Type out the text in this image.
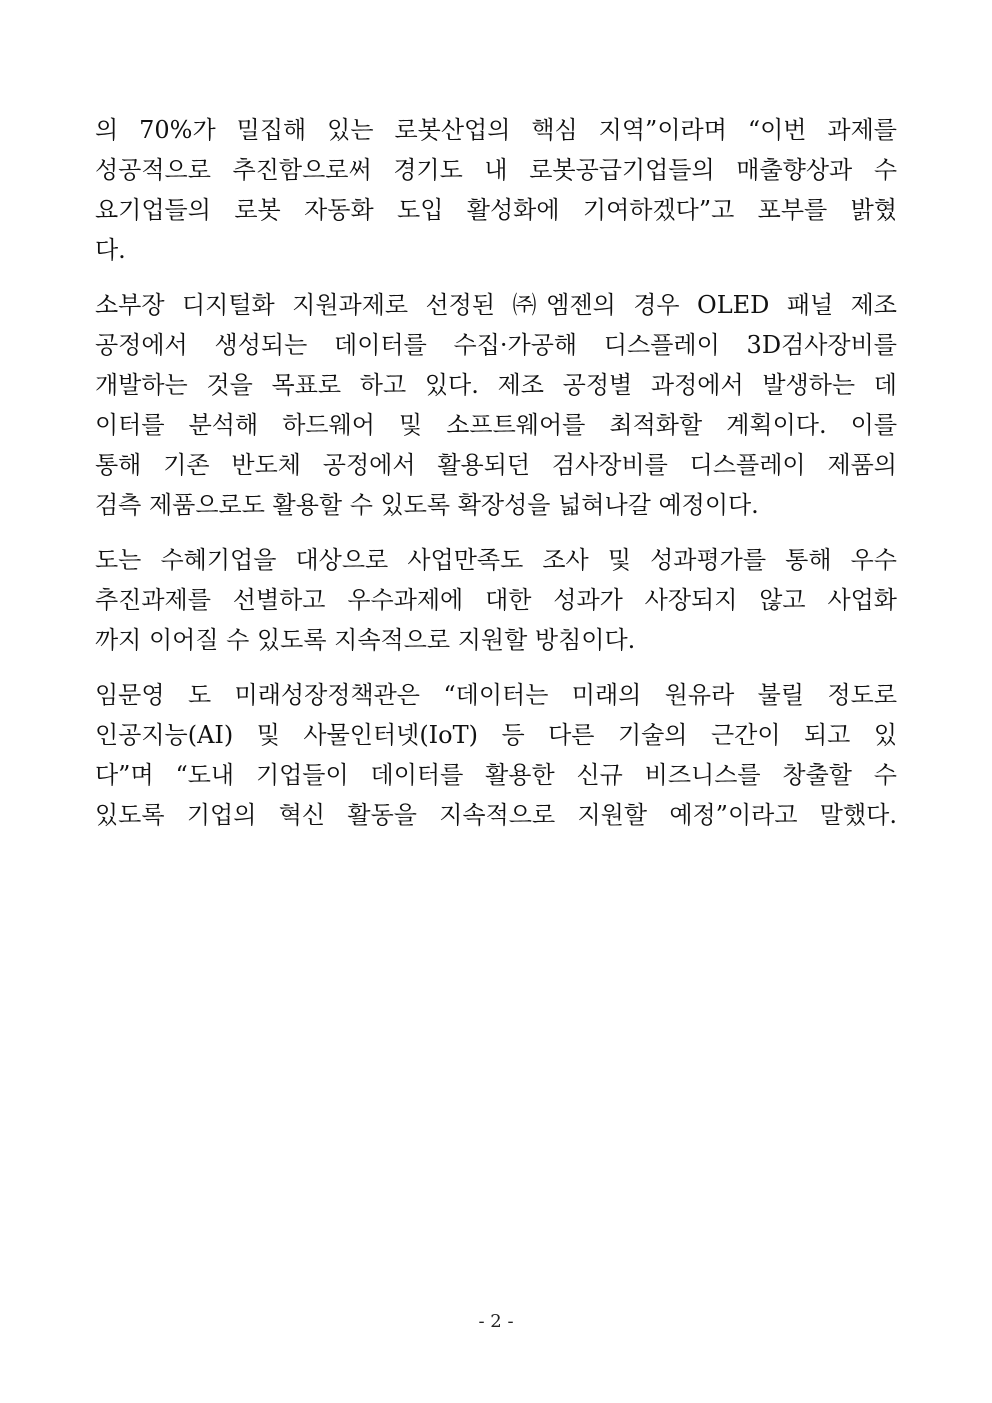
의 70%가 밀집해 있는 로봇산업의 핵심 지역”이라며 “이번 과제를
성공적으로 추진함으로써 경기도 내 로봇공급기업들의 매출향상과 수
요기업들의 로봇 자동화 도입 활성화에 기여하겠다”고 포부를 밝혔
다.
소부장 디지털화 지원과제로 선정된 ㈜엠젠의 경우 OLED 패널 제조
공정에서 생성되는 데이터를 수집·가공해 디스플레이 3D검사장비를
개발하는 것을 목표로 하고 있다. 제조 공정별 과정에서 발생하는 데
이터를 분석해 하드웨어 및 소프트웨어를 최적화할 계획이다. 이를
통해 기존 반도체 공정에서 활용되던 검사장비를 디스플레이 제품의
검측 제품으로도 활용할 수 있도록 확장성을 넓혀나갈 예정이다.
도는 수혜기업을 대상으로 사업만족도 조사 및 성과평가를 통해 우수
추진과제를 선별하고 우수과제에 대한 성과가 사장되지 않고 사업화
까지 이어질 수 있도록 지속적으로 지원할 방침이다.
임문영 도 미래성장정책관은 “데이터는 미래의 원유라 불릴 정도로
인공지능(AI) 및 사물인터넷(IoT) 등 다른 기술의 근간이 되고 있
다”며 “도내 기업들이 데이터를 활용한 신규 비즈니스를 창출할 수
있도록 기업의 혁신 활동을 지속적으로 지원할 예정”이라고 말했다.
- 2 -
